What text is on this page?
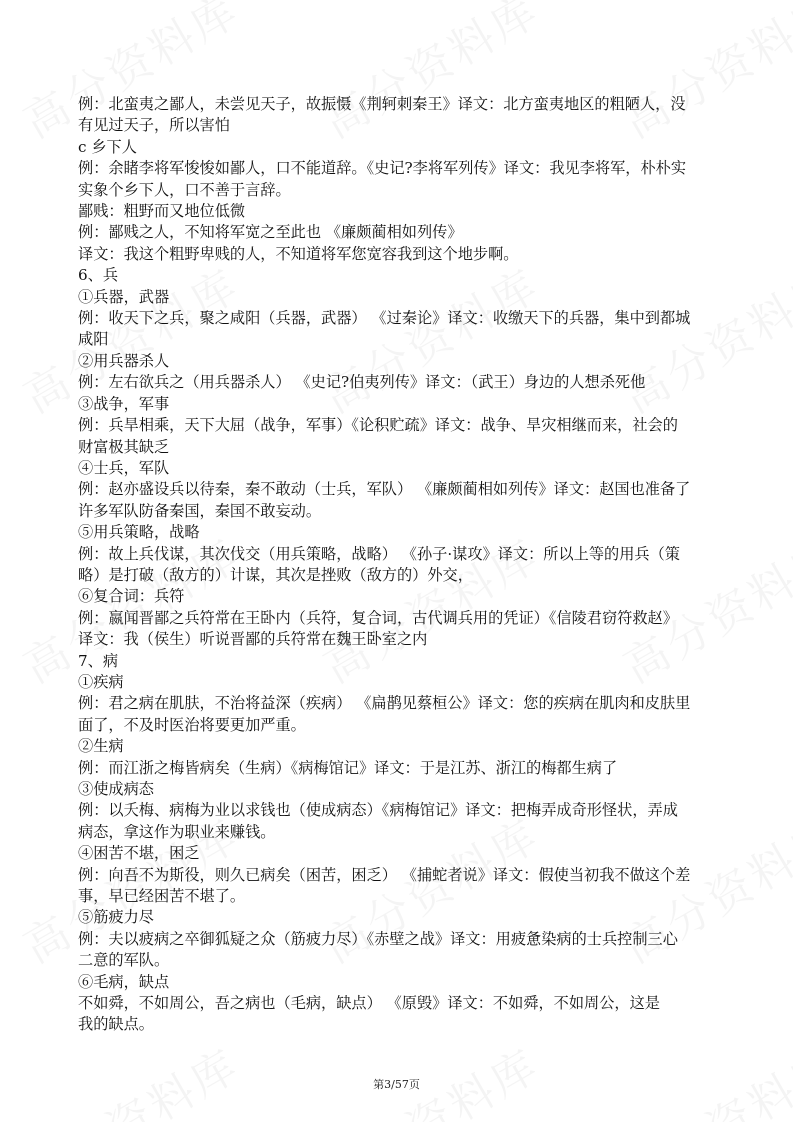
例：北蛮夷之鄙人，未尝见天子，故振慑《荆轲刺秦王》译文：北方蛮夷地区的粗陋人，没

有见过天子，所以害怕

c 乡下人

例：余睹李将军悛悛如鄙人，口不能道辞。《史记?李将军列传》译文：我见李将军，朴朴实

实象个乡下人，口不善于言辞。

鄙贱：粗野而又地位低微

例：鄙贱之人，不知将军宽之至此也 《廉颇蔺相如列传》

译文：我这个粗野卑贱的人，不知道将军您宽容我到这个地步啊。

6、兵

①兵器，武器

例：收天下之兵，聚之咸阳（兵器，武器） 《过秦论》译文：收缴天下的兵器，集中到都城

咸阳

②用兵器杀人

例：左右欲兵之（用兵器杀人） 《史记?伯夷列传》译文：（武王）身边的人想杀死他

③战争，军事

例：兵旱相乘，天下大屈（战争，军事）《论积贮疏》译文：战争、旱灾相继而来，社会的

财富极其缺乏

④士兵，军队

例：赵亦盛设兵以待秦，秦不敢动（士兵，军队） 《廉颇蔺相如列传》译文：赵国也准备了

许多军队防备秦国，秦国不敢妄动。

⑤用兵策略，战略

例：故上兵伐谋，其次伐交（用兵策略，战略） 《孙子·谋攻》译文：所以上等的用兵（策

略）是打破（敌方的）计谋，其次是挫败（敌方的）外交，

⑥复合词：兵符

例：嬴闻晋鄙之兵符常在王卧内（兵符，复合词，古代调兵用的凭证）《信陵君窃符救赵》

译文：我（侯生）听说晋鄙的兵符常在魏王卧室之内

7、病

①疾病

例：君之病在肌肤，不治将益深（疾病） 《扁鹊见蔡桓公》译文：您的疾病在肌肉和皮肤里

面了，不及时医治将要更加严重。

②生病

例：而江浙之梅皆病矣（生病）《病梅馆记》译文：于是江苏、浙江的梅都生病了

③使成病态

例：以夭梅、病梅为业以求钱也（使成病态）《病梅馆记》译文：把梅弄成奇形怪状，弄成

病态，拿这作为职业来赚钱。

④困苦不堪，困乏

例：向吾不为斯役，则久已病矣（困苦，困乏） 《捕蛇者说》译文：假使当初我不做这个差

事，早已经困苦不堪了。

⑤筋疲力尽

例：夫以疲病之卒御狐疑之众（筋疲力尽）《赤壁之战》译文：用疲惫染病的士兵控制三心

二意的军队。

⑥毛病，缺点

不如舜，不如周公，吾之病也（毛病，缺点） 《原毁》译文：不如舜，不如周公，这是

我的缺点。

第3/57页
